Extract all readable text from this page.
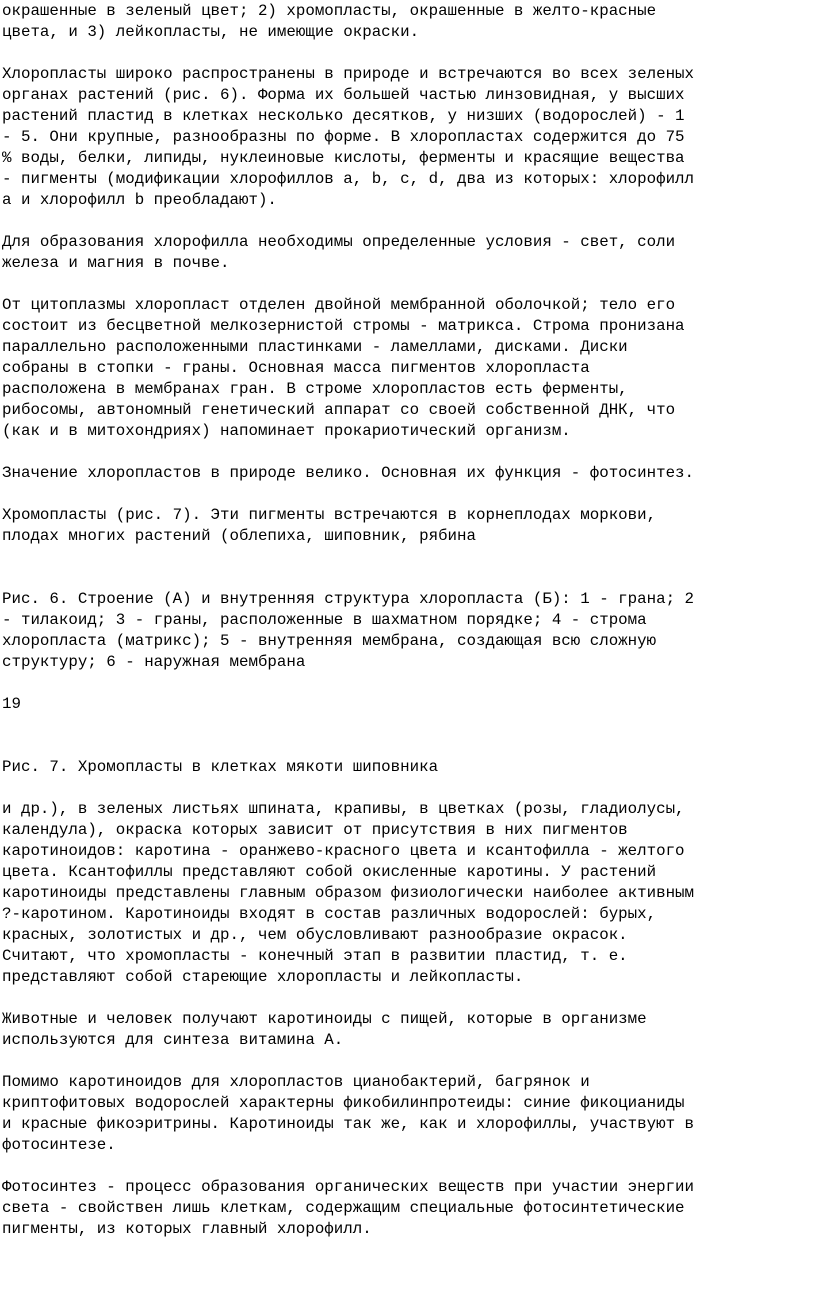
окрашенные в зеленый цвет; 2) хромопласты, окрашенные в желто-красные
цвета, и 3) лейкопласты, не имеющие окраски.

Хлоропласты широко распространены в природе и встречаются во всех зеленых
органах растений (рис. 6). Форма их большей частью линзовидная, у высших
растений пластид в клетках несколько десятков, у низших (водорослей) - 1
- 5. Они крупные, разнообразны по форме. В хлоропластах содержится до 75
% воды, белки, липиды, нуклеиновые кислоты, ферменты и красящие вещества
- пигменты (модификации хлорофиллов a, b, c, d, два из которых: хлорофилл
a и хлорофилл b преобладают).

Для образования хлорофилла необходимы определенные условия - свет, соли
железа и магния в почве.

От цитоплазмы хлоропласт отделен двойной мембранной оболочкой; тело его
состоит из бесцветной мелкозернистой стромы - матрикса. Строма пронизана
параллельно расположенными пластинками - ламеллами, дисками. Диски
собраны в стопки - граны. Основная масса пигментов хлоропласта
расположена в мембранах гран. В строме хлоропластов есть ферменты,
рибосомы, автономный генетический аппарат со своей собственной ДНК, что
(как и в митохондриях) напоминает прокариотический организм.

Значение хлоропластов в природе велико. Основная их функция - фотосинтез.

Хромопласты (рис. 7). Эти пигменты встречаются в корнеплодах моркови,
плодах многих растений (облепиха, шиповник, рябина

Рис. 6. Строение (А) и внутренняя структура хлоропласта (Б): 1 - грана; 2
- тилакоид; 3 - граны, расположенные в шахматном порядке; 4 - строма
хлоропласта (матрикс); 5 - внутренняя мембрана, создающая всю сложную
структуру; 6 - наружная мембрана

19

Рис. 7. Хромопласты в клетках мякоти шиповника

и др.), в зеленых листьях шпината, крапивы, в цветках (розы, гладиолусы,
календула), окраска которых зависит от присутствия в них пигментов
каротиноидов: каротина - оранжево-красного цвета и ксантофилла - желтого
цвета. Ксантофиллы представляют собой окисленные каротины. У растений
каротиноиды представлены главным образом физиологически наиболее активным
?-каротином. Каротиноиды входят в состав различных водорослей: бурых,
красных, золотистых и др., чем обусловливают разнообразие окрасок.
Считают, что хромопласты - конечный этап в развитии пластид, т. е.
представляют собой стареющие хлоропласты и лейкопласты.

Животные и человек получают каротиноиды с пищей, которые в организме
используются для синтеза витамина А.

Помимо каротиноидов для хлоропластов цианобактерий, багрянок и
криптофитовых водорослей характерны фикобилинпротеиды: синие фикоцианиды
и красные фикоэритрины. Каротиноиды так же, как и хлорофиллы, участвуют в
фотосинтезе.

Фотосинтез - процесс образования органических веществ при участии энергии
света - свойствен лишь клеткам, содержащим специальные фотосинтетические
пигменты, из которых главный хлорофилл.
